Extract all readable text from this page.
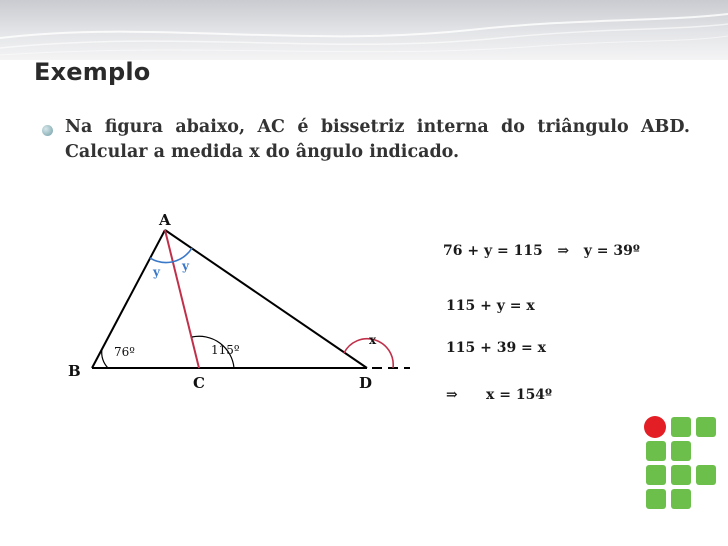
Exemplo
Na figura abaixo, AC é bissetriz interna do triângulo ABD.
Calcular a medida x do ângulo indicado.
A
B
C	D
76º	115º
y y
x
76 + y = 115   ⇒   y = 39º
115 + y = x
115 + 39 = x
⇒ x = 154º
